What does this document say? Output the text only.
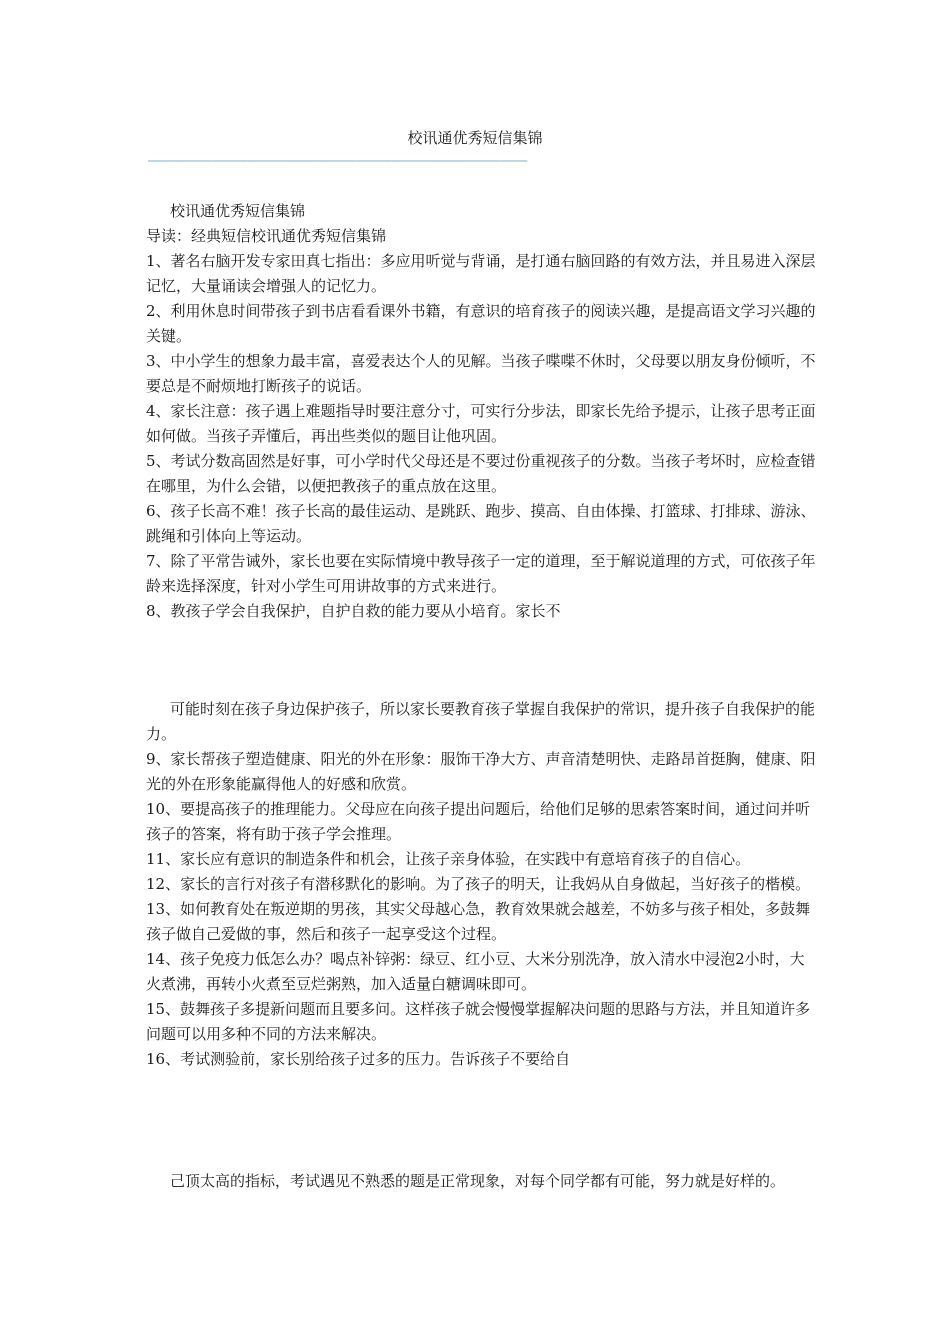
校讯通优秀短信集锦
——————————————————————————————————————————

校讯通优秀短信集锦

导读：经典短信校讯通优秀短信集锦

1、著名右脑开发专家田真七指出：多应用听觉与背诵，是打通右脑回路的有效方法，并且易进入深层记忆，大量诵读会增强人的记忆力。

2、利用休息时间带孩子到书店看看课外书籍，有意识的培育孩子的阅读兴趣，是提高语文学习兴趣的关键。

3、中小学生的想象力最丰富，喜爱表达个人的见解。当孩子喋喋不休时，父母要以朋友身份倾听，不要总是不耐烦地打断孩子的说话。

4、家长注意：孩子遇上难题指导时要注意分寸，可实行分步法，即家长先给予提示，让孩子思考正面如何做。当孩子弄懂后，再出些类似的题目让他巩固。

5、考试分数高固然是好事，可小学时代父母还是不要过份重视孩子的分数。当孩子考坏时，应检查错在哪里，为什么会错，以便把教孩子的重点放在这里。

6、孩子长高不难！孩子长高的最佳运动、是跳跃、跑步、摸高、自由体操、打篮球、打排球、游泳、跳绳和引体向上等运动。

7、除了平常告诫外，家长也要在实际情境中教导孩子一定的道理，至于解说道理的方式，可依孩子年龄来选择深度，针对小学生可用讲故事的方式来进行。

8、教孩子学会自我保护，自护自救的能力要从小培育。家长不

可能时刻在孩子身边保护孩子，所以家长要教育孩子掌握自我保护的常识，提升孩子自我保护的能力。

9、家长帮孩子塑造健康、阳光的外在形象：服饰干净大方、声音清楚明快、走路昂首挺胸，健康、阳光的外在形象能赢得他人的好感和欣赏。

10、要提高孩子的推理能力。父母应在向孩子提出问题后，给他们足够的思索答案时间，通过问并听孩子的答案，将有助于孩子学会推理。

11、家长应有意识的制造条件和机会，让孩子亲身体验，在实践中有意培育孩子的自信心。

12、家长的言行对孩子有潜移默化的影响。为了孩子的明天，让我妈从自身做起，当好孩子的楷模。

13、如何教育处在叛逆期的男孩，其实父母越心急，教育效果就会越差，不妨多与孩子相处，多鼓舞孩子做自己爱做的事，然后和孩子一起享受这个过程。

14、孩子免疫力低怎么办？喝点补锌粥：绿豆、红小豆、大米分别洗净，放入清水中浸泡2小时，大火煮沸，再转小火煮至豆烂粥熟，加入适量白糖调味即可。

15、鼓舞孩子多提新问题而且要多问。这样孩子就会慢慢掌握解决问题的思路与方法，并且知道许多问题可以用多种不同的方法来解决。

16、考试测验前，家长别给孩子过多的压力。告诉孩子不要给自

己顶太高的指标，考试遇见不熟悉的题是正常现象，对每个同学都有可能，努力就是好样的。
